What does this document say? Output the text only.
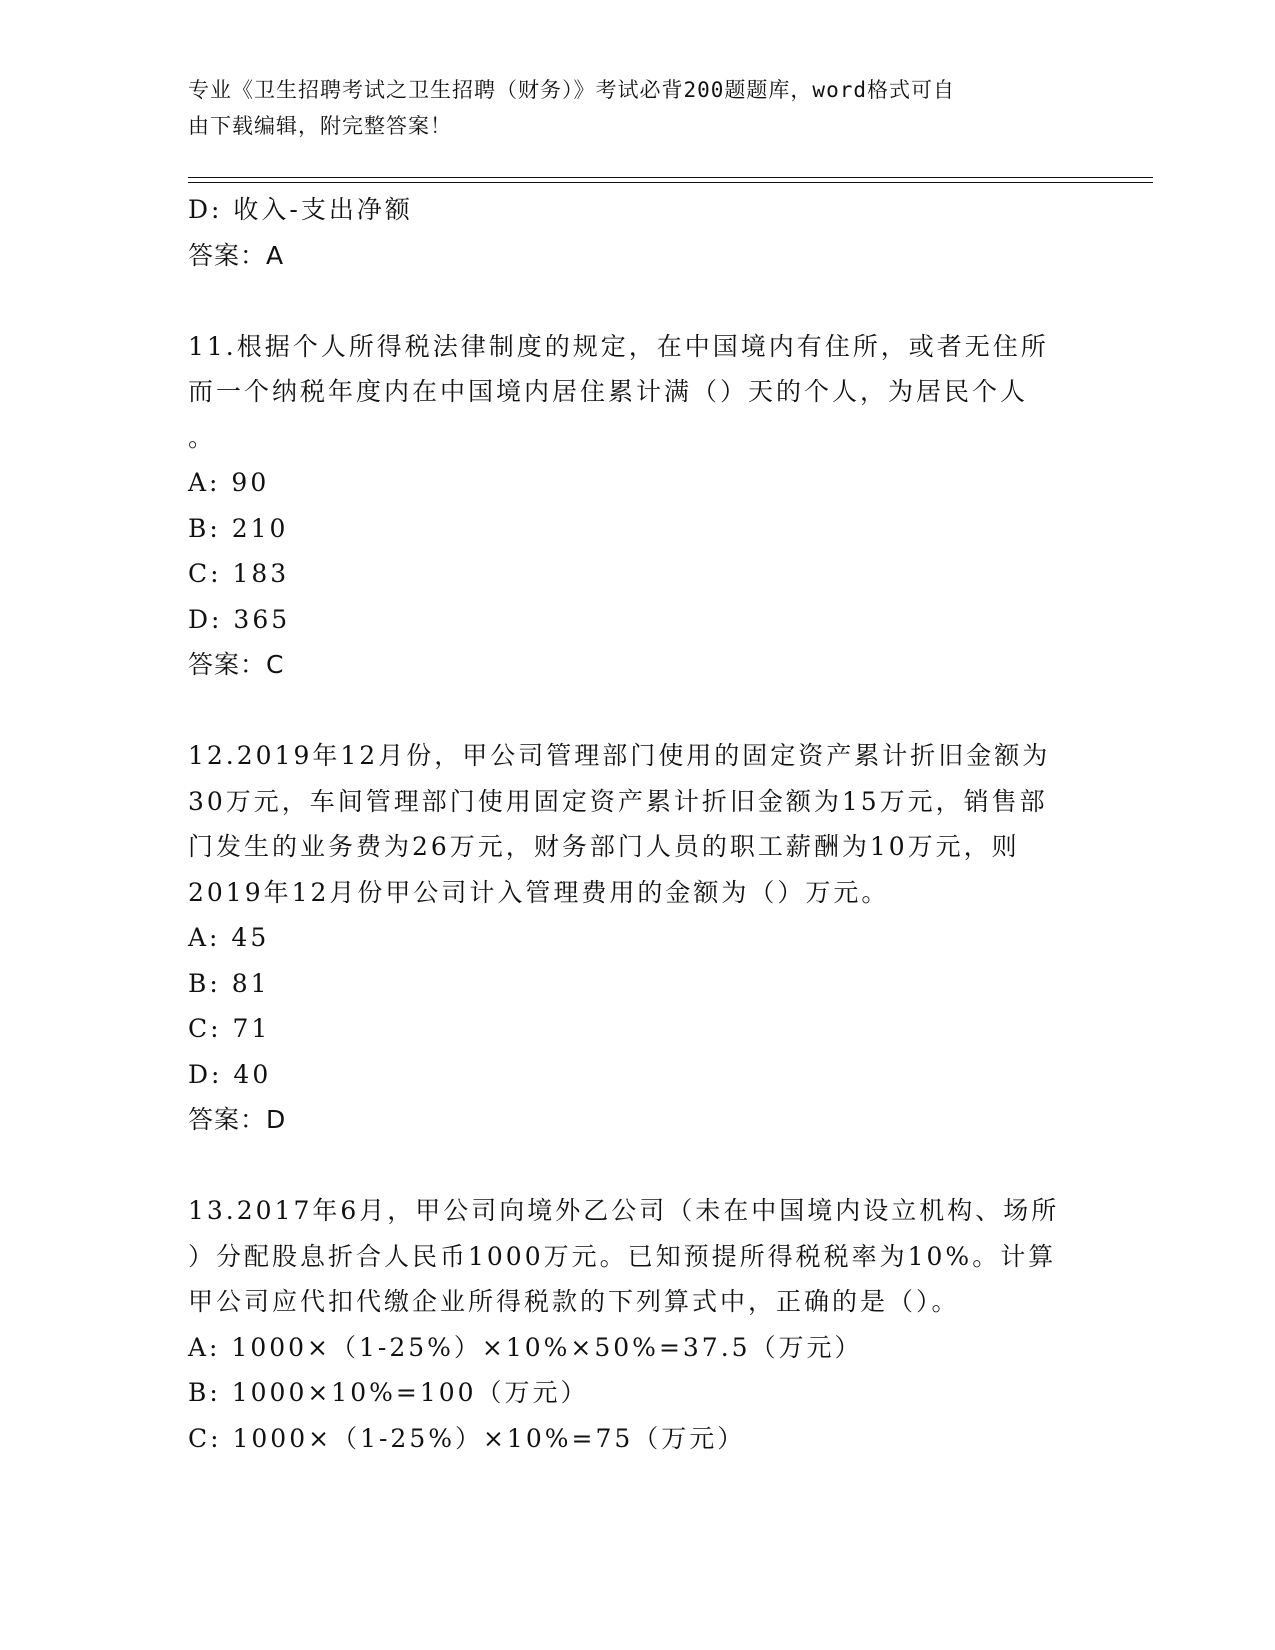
专业《卫生招聘考试之卫生招聘（财务）》考试必背200题题库，word格式可自
由下载编辑，附完整答案！
D: 收入-支出净额
答案：A
11.根据个人所得税法律制度的规定，在中国境内有住所，或者无住所
而一个纳税年度内在中国境内居住累计满（）天的个人，为居民个人
。
A: 90
B: 210
C: 183
D: 365
答案：C
12.2019年12月份，甲公司管理部门使用的固定资产累计折旧金额为
30万元，车间管理部门使用固定资产累计折旧金额为15万元，销售部
门发生的业务费为26万元，财务部门人员的职工薪酬为10万元，则
2019年12月份甲公司计入管理费用的金额为（）万元。
A: 45
B: 81
C: 71
D: 40
答案：D
13.2017年6月，甲公司向境外乙公司（未在中国境内设立机构、场所
）分配股息折合人民币1000万元。已知预提所得税税率为10%。计算
甲公司应代扣代缴企业所得税款的下列算式中，正确的是（）。
A: 1000×（1-25%）×10%×50%=37.5（万元）
B: 1000×10%=100（万元）
C: 1000×（1-25%）×10%=75（万元）
